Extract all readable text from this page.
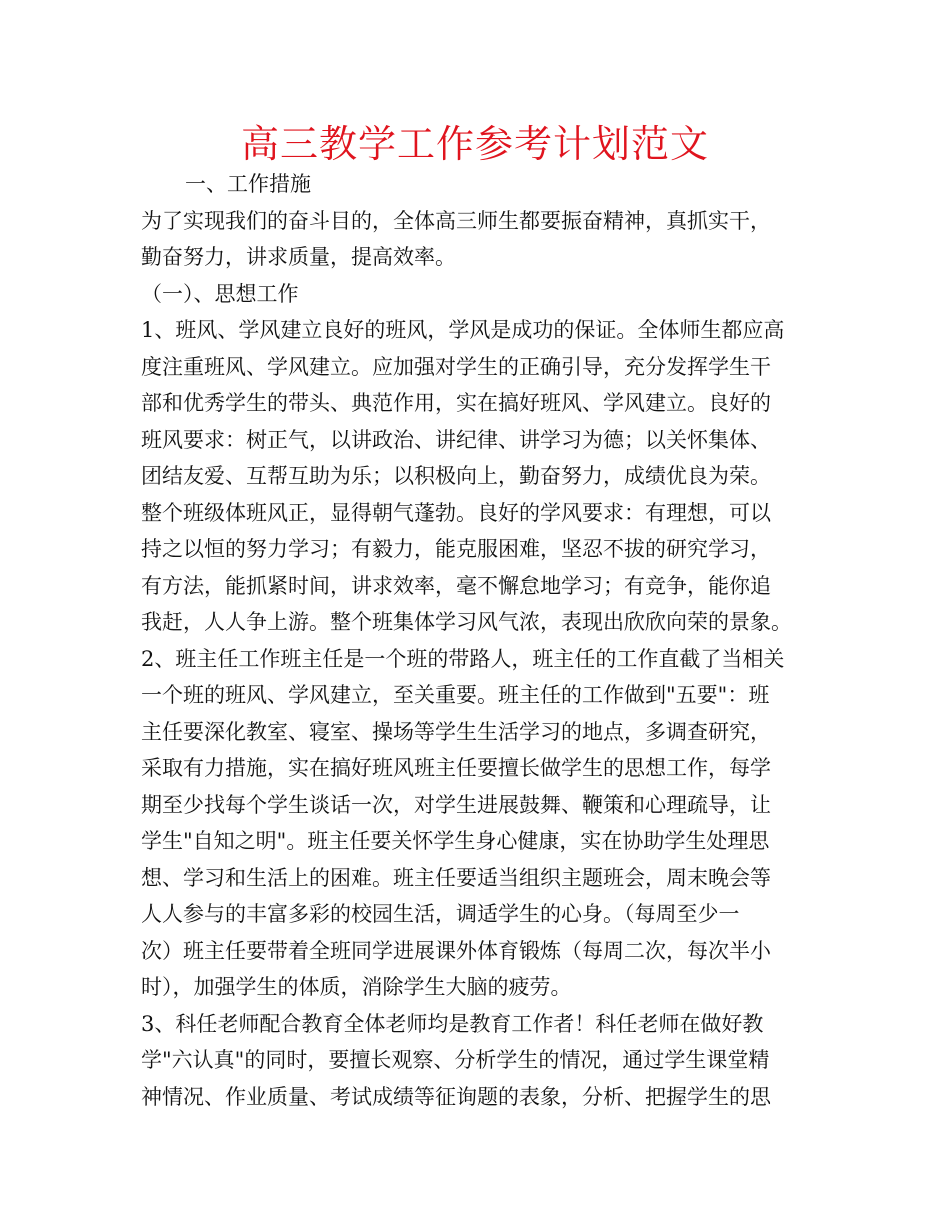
高三教学工作参考计划范文
一、工作措施
为了实现我们的奋斗目的，全体高三师生都要振奋精神，真抓实干，
勤奋努力，讲求质量，提高效率。
（一）、思想工作
1、班风、学风建立良好的班风，学风是成功的保证。全体师生都应高
度注重班风、学风建立。应加强对学生的正确引导，充分发挥学生干
部和优秀学生的带头、典范作用，实在搞好班风、学风建立。良好的
班风要求：树正气，以讲政治、讲纪律、讲学习为德；以关怀集体、
团结友爱、互帮互助为乐；以积极向上，勤奋努力，成绩优良为荣。
整个班级体班风正，显得朝气蓬勃。良好的学风要求：有理想，可以
持之以恒的努力学习；有毅力，能克服困难，坚忍不拔的研究学习，
有方法，能抓紧时间，讲求效率，毫不懈怠地学习；有竞争，能你追
我赶，人人争上游。整个班集体学习风气浓，表现出欣欣向荣的景象。
2、班主任工作班主任是一个班的带路人，班主任的工作直截了当相关
一个班的班风、学风建立，至关重要。班主任的工作做到"五要"：班
主任要深化教室、寝室、操场等学生生活学习的地点，多调查研究，
采取有力措施，实在搞好班风班主任要擅长做学生的思想工作，每学
期至少找每个学生谈话一次，对学生进展鼓舞、鞭策和心理疏导，让
学生"自知之明"。班主任要关怀学生身心健康，实在协助学生处理思
想、学习和生活上的困难。班主任要适当组织主题班会，周末晚会等
人人参与的丰富多彩的校园生活，调适学生的心身。（每周至少一
次）班主任要带着全班同学进展课外体育锻炼（每周二次，每次半小
时），加强学生的体质，消除学生大脑的疲劳。
3、科任老师配合教育全体老师均是教育工作者！科任老师在做好教
学"六认真"的同时，要擅长观察、分析学生的情况，通过学生课堂精
神情况、作业质量、考试成绩等征询题的表象，分析、把握学生的思
